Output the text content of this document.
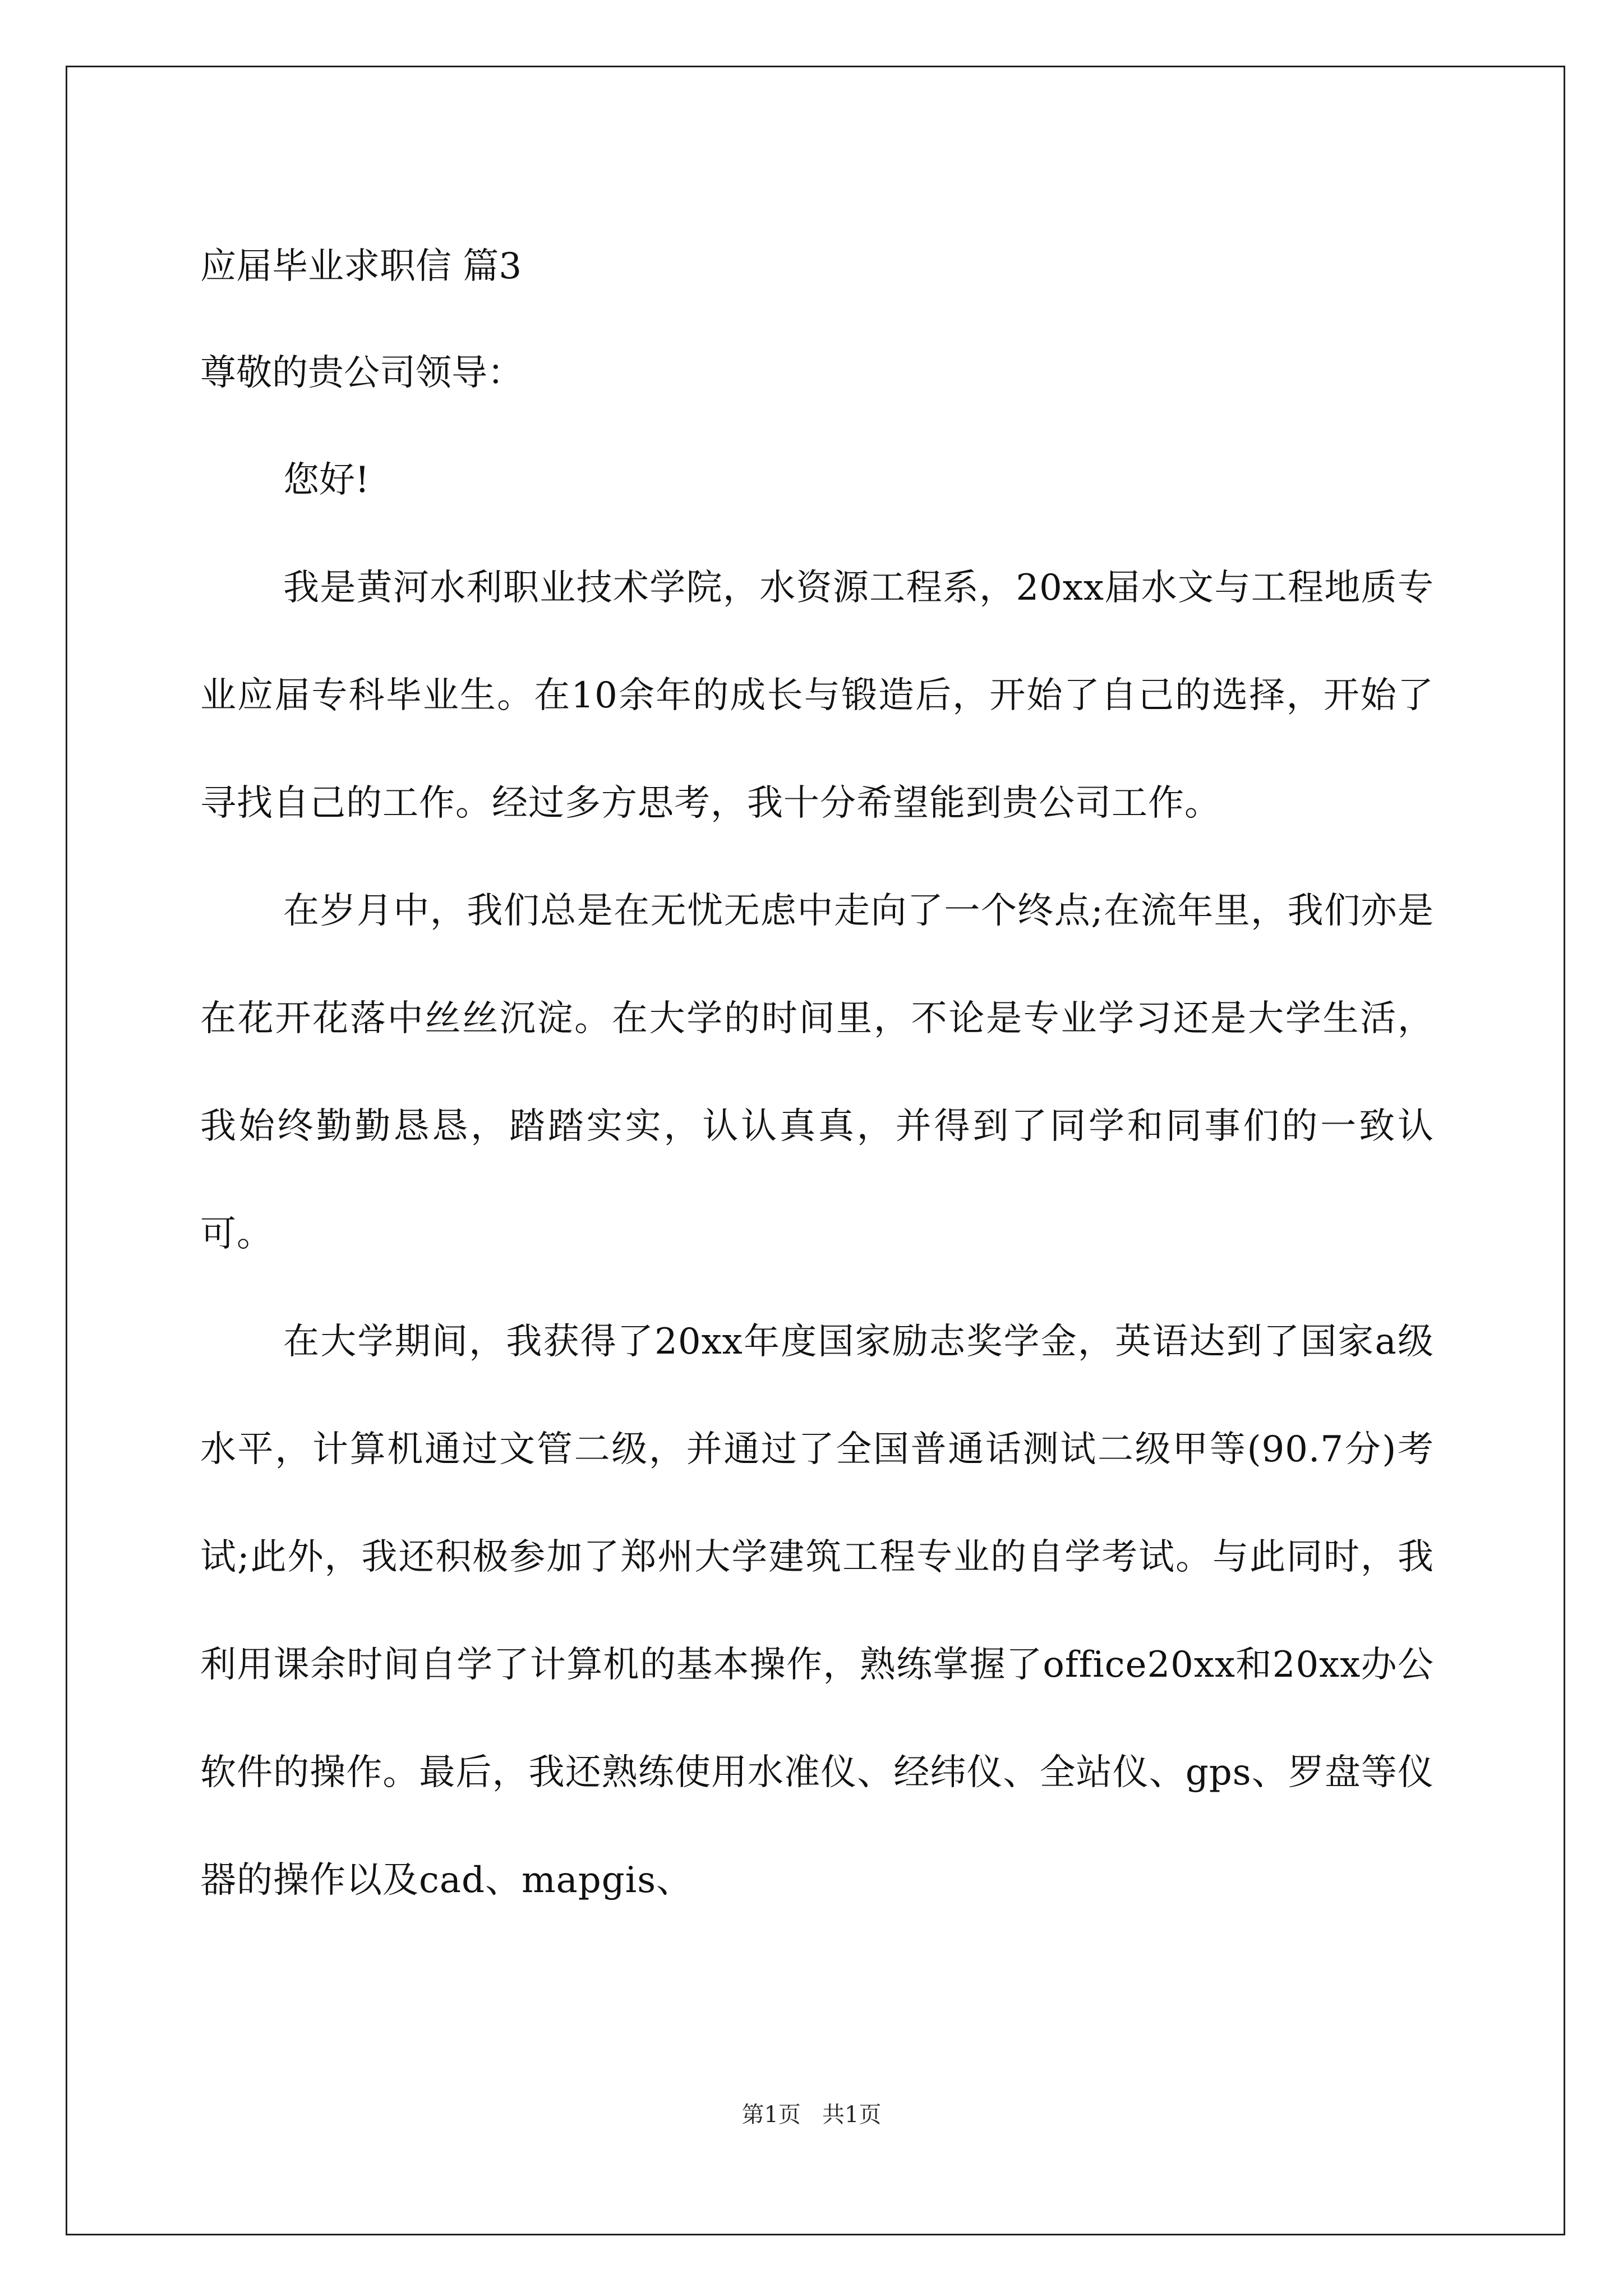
应届毕业求职信 篇3

尊敬的贵公司领导：

您好!

我是黄河水利职业技术学院，水资源工程系，20xx届水文与工程地质专业应届专科毕业生。在10余年的成长与锻造后，开始了自己的选择，开始了寻找自己的工作。经过多方思考，我十分希望能到贵公司工作。

在岁月中，我们总是在无忧无虑中走向了一个终点;在流年里，我们亦是在花开花落中丝丝沉淀。在大学的时间里，不论是专业学习还是大学生活，我始终勤勤恳恳，踏踏实实，认认真真，并得到了同学和同事们的一致认可。

在大学期间，我获得了20xx年度国家励志奖学金，英语达到了国家a级水平，计算机通过文管二级，并通过了全国普通话测试二级甲等(90.7分)考试;此外，我还积极参加了郑州大学建筑工程专业的自学考试。与此同时，我利用课余时间自学了计算机的基本操作，熟练掌握了office20xx和20xx办公软件的操作。最后，我还熟练使用水准仪、经纬仪、全站仪、gps、罗盘等仪器的操作以及cad、mapgis、

第1页   共1页
